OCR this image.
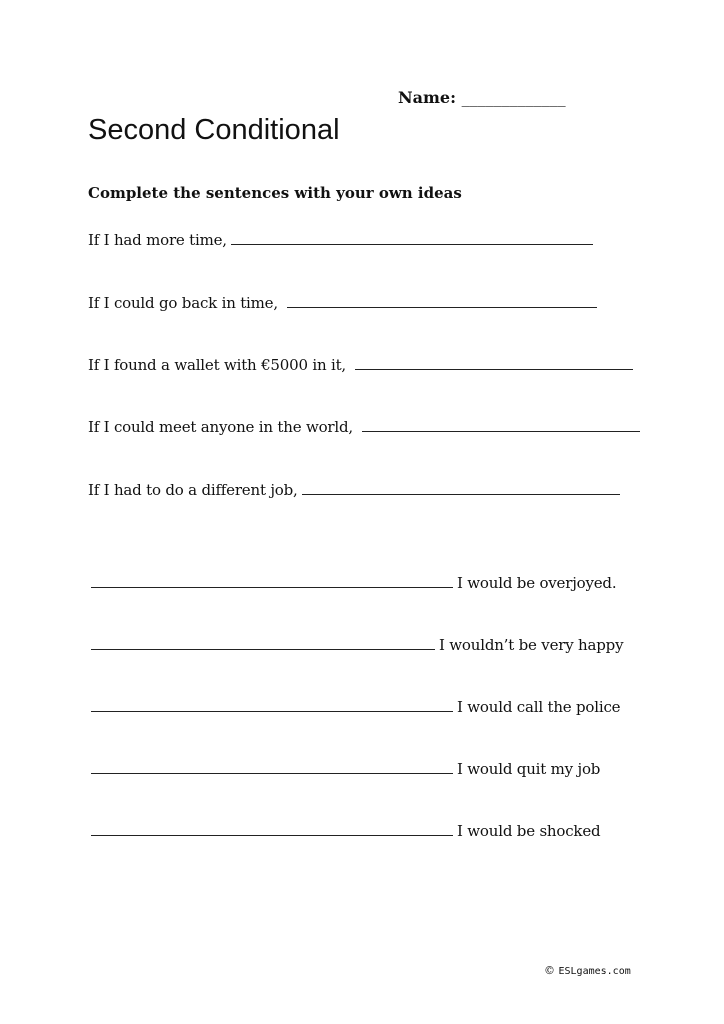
Name: _____________
Second Conditional
Complete the sentences with your own ideas
If I had more time,
If I could go back in time,
If I found a wallet with €5000 in it,
If I could meet anyone in the world,
If I had to do a different job,
I would be overjoyed.
I wouldn’t be very happy
I would call the police
I would quit my job
I would be shocked
© ESLgames.com
